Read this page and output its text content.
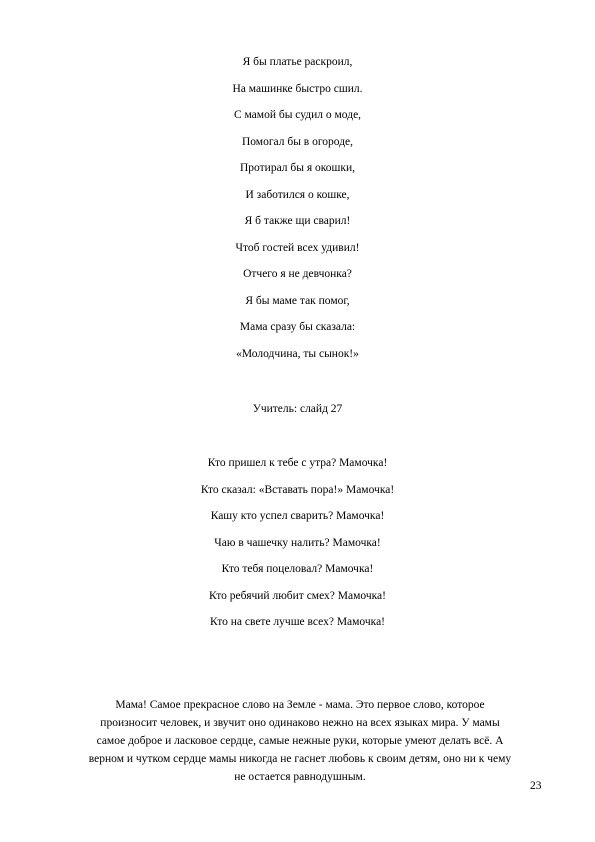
Я бы платье раскроил,
На машинке быстро сшил.
С мамой бы судил о моде,
Помогал бы в огороде,
Протирал бы я окошки,
И заботился о кошке,
Я б также щи сварил!
Чтоб гостей всех удивил!
Отчего я не девчонка?
Я бы маме так помог,
Мама сразу бы сказала:
«Молодчина, ты сынок!»
Учитель: слайд 27
Кто пришел к тебе с утра? Мамочка!
Кто сказал: «Вставать пора!» Мамочка!
Кашу кто успел сварить? Мамочка!
Чаю в чашечку налить? Мамочка!
Кто тебя поцеловал? Мамочка!
Кто ребячий любит смех? Мамочка!
Кто на свете лучше всех? Мамочка!
Мама! Самое прекрасное слово на Земле - мама. Это первое слово, которое
произносит человек, и звучит оно одинаково нежно на всех языках мира. У мамы
самое доброе и ласковое сердце, самые нежные руки, которые умеют делать всё. А
верном и чутком сердце мамы никогда не гаснет любовь к своим детям, оно ни к чему
не остается равнодушным.
23
